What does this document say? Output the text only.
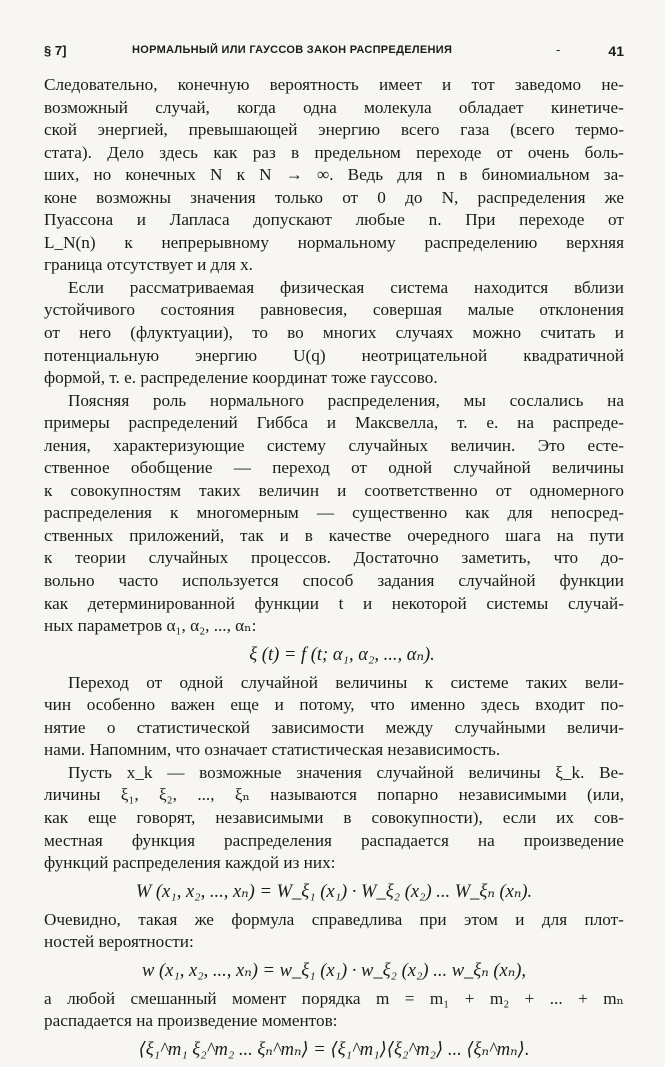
§ 7]	НОРМАЛЬНЫЙ ИЛИ ГАУССОВ ЗАКОН РАСПРЕДЕЛЕНИЯ	-	41
Следовательно, конечную вероятность имеет и тот заведомо не-
возможный случай, когда одна молекула обладает кинетиче-
ской энергией, превышающей энергию всего газа (всего термо-
стата). Дело здесь как раз в предельном переходе от очень боль-
ших, но конечных N к N → ∞. Ведь для n в биномиальном за-
коне возможны значения только от 0 до N, распределения же
Пуассона и Лапласа допускают любые n. При переходе от
L_N(n) к непрерывному нормальному распределению верхняя
граница отсутствует и для x.
Если рассматриваемая физическая система находится вблизи
устойчивого состояния равновесия, совершая малые отклонения
от него (флуктуации), то во многих случаях можно считать и
потенциальную энергию U(q) неотрицательной квадратичной
формой, т. е. распределение координат тоже гауссово.
Поясняя роль нормального распределения, мы сослались на
примеры распределений Гиббса и Максвелла, т. е. на распреде-
ления, характеризующие систему случайных величин. Это есте-
ственное обобщение — переход от одной случайной величины
к совокупностям таких величин и соответственно от одномерного
распределения к многомерным — существенно как для непосред-
ственных приложений, так и в качестве очередного шага на пути
к теории случайных процессов. Достаточно заметить, что до-
вольно часто используется способ задания случайной функции
как детерминированной функции t и некоторой системы случай-
ных параметров α₁, α₂, ..., αₙ:
ξ (t) = f (t; α₁, α₂, ..., αₙ).
Переход от одной случайной величины к системе таких вели-
чин особенно важен еще и потому, что именно здесь входит по-
нятие о статистической зависимости между случайными величи-
нами. Напомним, что означает статистическая независимость.
Пусть x_k — возможные значения случайной величины ξ_k. Ве-
личины ξ₁, ξ₂, ..., ξₙ называются попарно независимыми (или,
как еще говорят, независимыми в совокупности), если их сов-
местная функция распределения распадается на произведение
функций распределения каждой из них:
W (x₁, x₂, ..., xₙ) = W_ξ₁ (x₁) · W_ξ₂ (x₂) ... W_ξₙ (xₙ).
Очевидно, такая же формула справедлива при этом и для плот-
ностей вероятности:
w (x₁, x₂, ..., xₙ) = w_ξ₁ (x₁) · w_ξ₂ (x₂) ... w_ξₙ (xₙ),
а любой смешанный момент порядка m = m₁ + m₂ + ... + mₙ
распадается на произведение моментов:
⟨ξ₁^m₁ ξ₂^m₂ ... ξₙ^mₙ⟩ = ⟨ξ₁^m₁⟩⟨ξ₂^m₂⟩ ... ⟨ξₙ^mₙ⟩.
